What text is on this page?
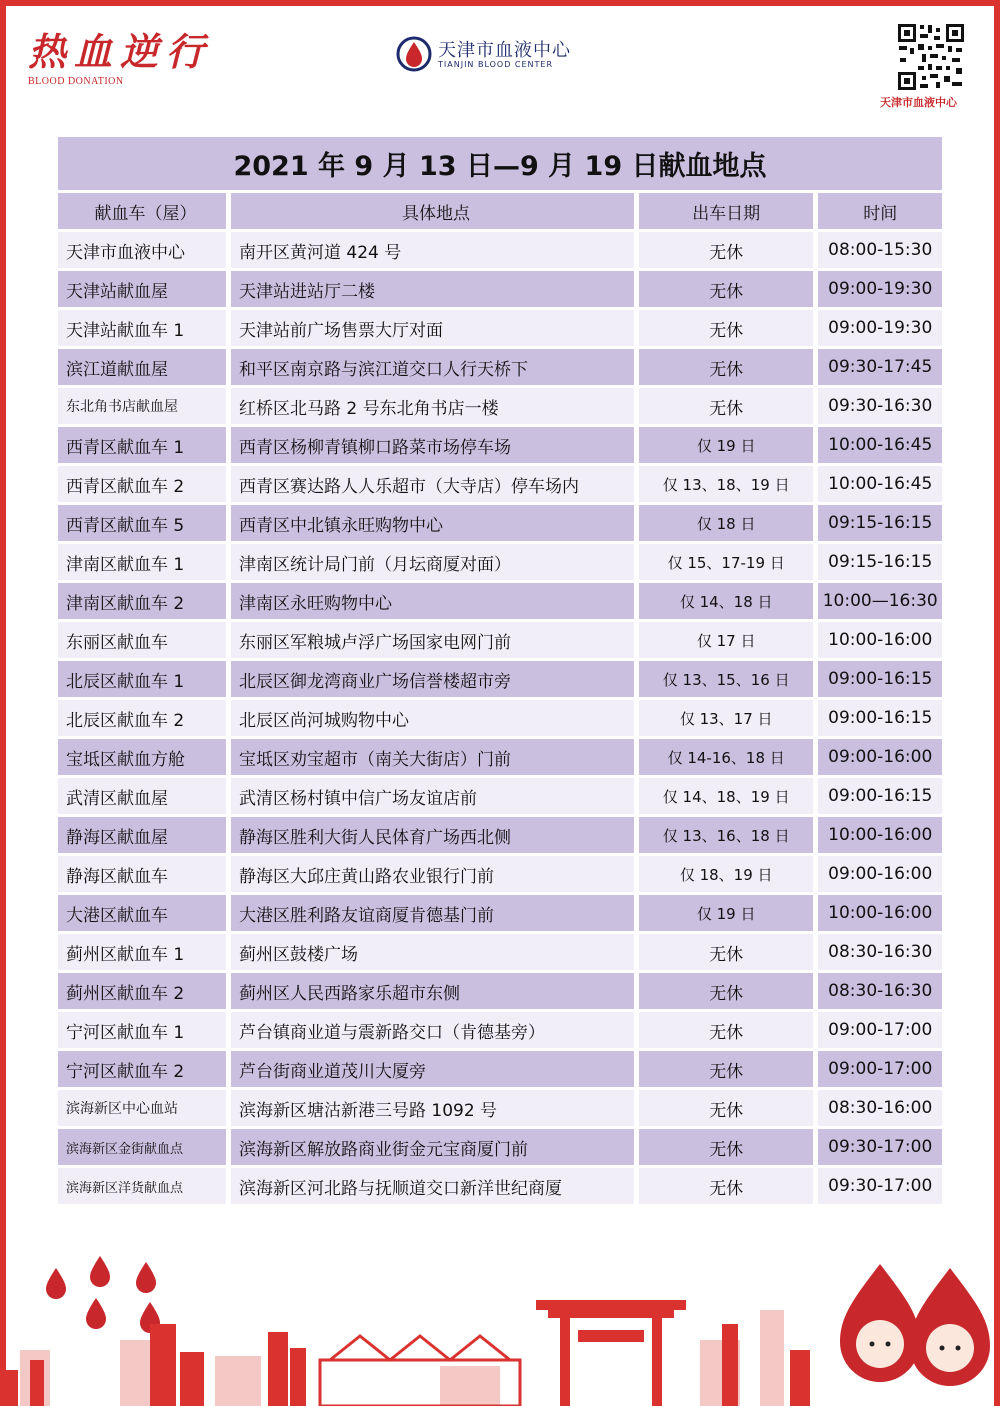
热血逆行
BLOOD DONATION
天津市血液中心
TIANJIN BLOOD CENTER
天津市血液中心
2021 年 9 月 13 日—9 月 19 日献血地点			
献血车（屋）	具体地点	出车日期	时间
天津市血液中心	南开区黄河道 424 号	无休	08:00-15:30
天津站献血屋	天津站进站厅二楼	无休	09:00-19:30
天津站献血车 1	天津站前广场售票大厅对面	无休	09:00-19:30
滨江道献血屋	和平区南京路与滨江道交口人行天桥下	无休	09:30-17:45
东北角书店献血屋	红桥区北马路 2 号东北角书店一楼	无休	09:30-16:30
西青区献血车 1	西青区杨柳青镇柳口路菜市场停车场	仅 19 日	10:00-16:45
西青区献血车 2	西青区赛达路人人乐超市（大寺店）停车场内	仅 13、18、19 日	10:00-16:45
西青区献血车 5	西青区中北镇永旺购物中心	仅 18 日	09:15-16:15
津南区献血车 1	津南区统计局门前（月坛商厦对面）	仅 15、17-19 日	09:15-16:15
津南区献血车 2	津南区永旺购物中心	仅 14、18 日	10:00—16:30
东丽区献血车	东丽区军粮城卢浮广场国家电网门前	仅 17 日	10:00-16:00
北辰区献血车 1	北辰区御龙湾商业广场信誉楼超市旁	仅 13、15、16 日	09:00-16:15
北辰区献血车 2	北辰区尚河城购物中心	仅 13、17 日	09:00-16:15
宝坻区献血方舱	宝坻区劝宝超市（南关大街店）门前	仅 14-16、18 日	09:00-16:00
武清区献血屋	武清区杨村镇中信广场友谊店前	仅 14、18、19 日	09:00-16:15
静海区献血屋	静海区胜利大街人民体育广场西北侧	仅 13、16、18 日	10:00-16:00
静海区献血车	静海区大邱庄黄山路农业银行门前	仅 18、19 日	09:00-16:00
大港区献血车	大港区胜利路友谊商厦肯德基门前	仅 19 日	10:00-16:00
蓟州区献血车 1	蓟州区鼓楼广场	无休	08:30-16:30
蓟州区献血车 2	蓟州区人民西路家乐超市东侧	无休	08:30-16:30
宁河区献血车 1	芦台镇商业道与震新路交口（肯德基旁）	无休	09:00-17:00
宁河区献血车 2	芦台街商业道茂川大厦旁	无休	09:00-17:00
滨海新区中心血站	滨海新区塘沽新港三号路 1092 号	无休	08:30-16:00
滨海新区金街献血点	滨海新区解放路商业街金元宝商厦门前	无休	09:30-17:00
滨海新区洋货献血点	滨海新区河北路与抚顺道交口新洋世纪商厦	无休	09:30-17:00
